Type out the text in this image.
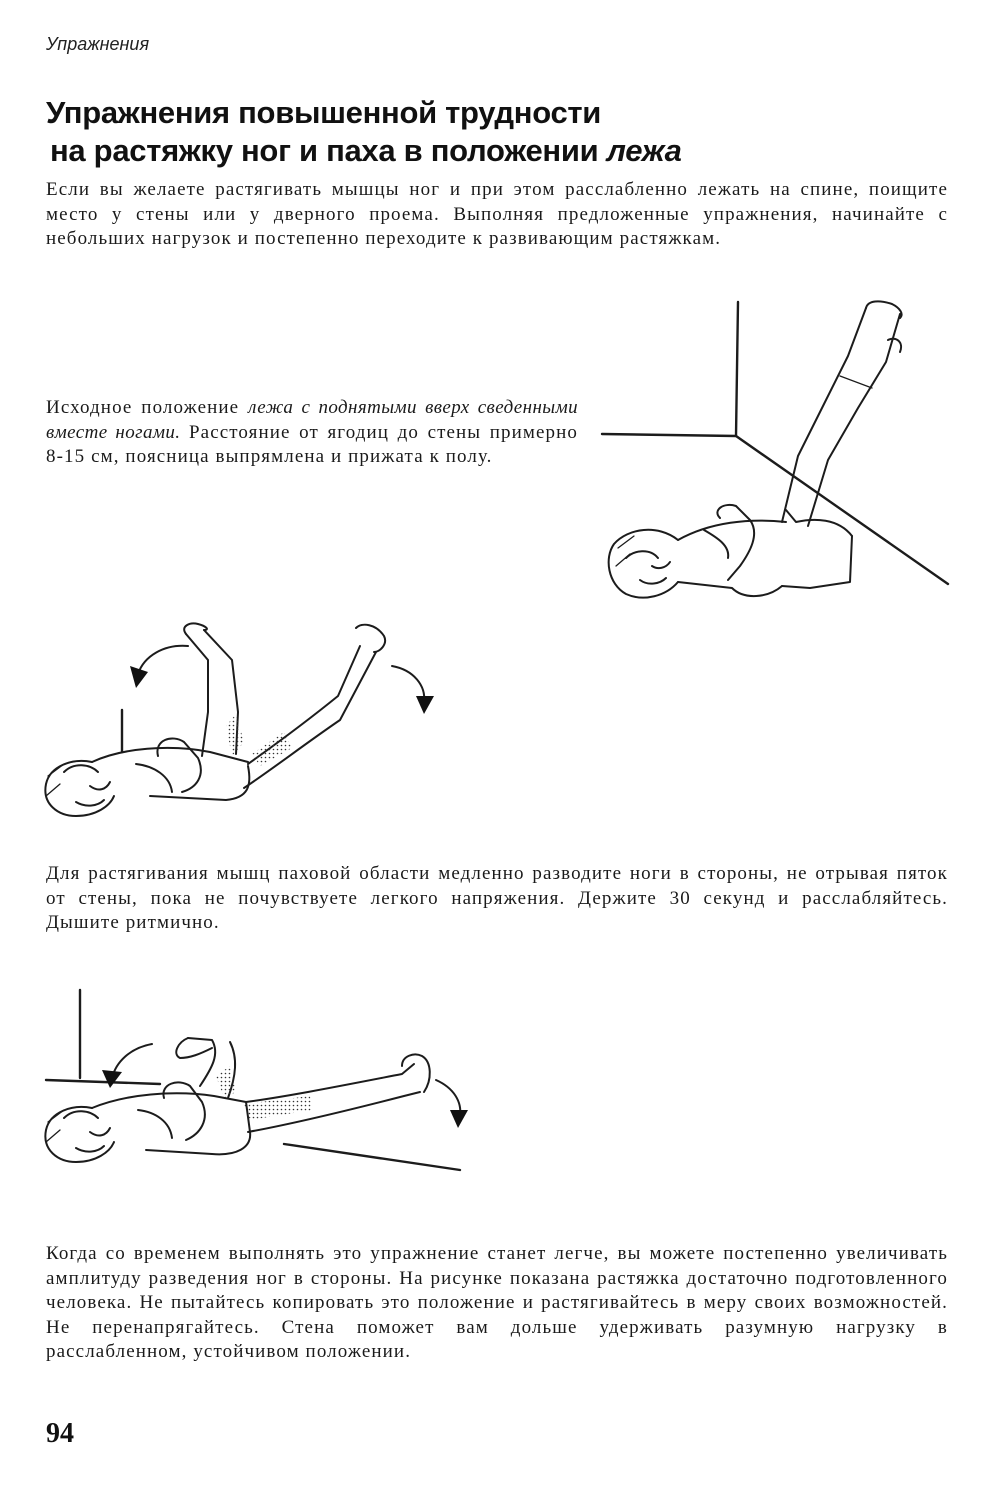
Упражнения
Упражнения повышенной трудности
на растяжку ног и паха в положении лежа

Если вы желаете растягивать мышцы ног и при этом расслабленно лежать на спине, поищите место у стены или у дверного проема. Выполняя предложенные упражнения, начинайте с небольших нагрузок и постепенно переходите к развивающим растяжкам.

Исходное положение лежа с поднятыми вверх сведенными вместе ногами. Расстояние от ягодиц до стены примерно 8-15 см, поясница выпрямлена и прижата к полу.

Для растягивания мышц паховой области медленно разводите ноги в стороны, не отрывая пяток от стены, пока не почувствуете легкого напряжения. Держите 30 секунд и расслабляйтесь. Дышите ритмично.

Когда со временем выполнять это упражнение станет легче, вы можете постепенно увеличивать амплитуду разведения ног в стороны. На рисунке показана растяжка достаточно подготовленного человека. Не пытайтесь копировать это положение и растягивайтесь в меру своих возможностей. Не перенапрягайтесь. Стена поможет вам дольше удерживать разумную нагрузку в расслабленном, устойчивом положении.

94
